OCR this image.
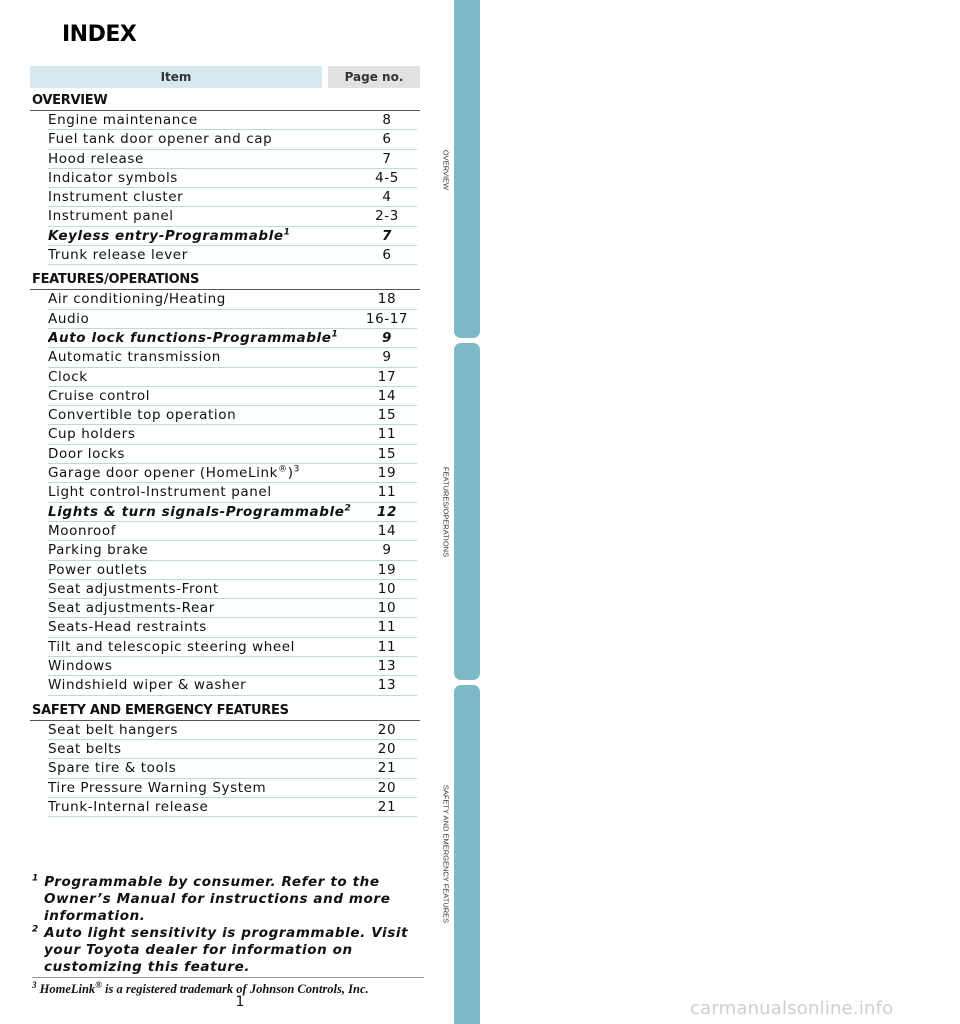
INDEX
Item	Page no.
OVERVIEW
Engine maintenance	8
Fuel tank door opener and cap	6
Hood release	7
Indicator symbols	4-5
Instrument cluster	4
Instrument panel	2-3
Keyless entry-Programmable$^1$	7
Trunk release lever	6
FEATURES/OPERATIONS
Air conditioning/Heating	18
Audio	16-17
Auto lock functions-Programmable$^1$	9
Automatic transmission	9
Clock	17
Cruise control	14
Convertible top operation	15
Cup holders	11
Door locks	15
Garage door opener (HomeLink®)$^3$	19
Light control-Instrument panel	11
Lights & turn signals-Programmable$^2$	12
Moonroof	14
Parking brake	9
Power outlets	19
Seat adjustments-Front	10
Seat adjustments-Rear	10
Seats-Head restraints	11
Tilt and telescopic steering wheel	11
Windows	13
Windshield wiper & washer	13
SAFETY AND EMERGENCY FEATURES
Seat belt hangers	20
Seat belts	20
Spare tire & tools	21
Tire Pressure Warning System	20
Trunk-Internal release	21
$^1$ Programmable by consumer. Refer to the Owner’s Manual for instructions and more information.
$^2$ Auto light sensitivity is programmable. Visit your Toyota dealer for information on customizing this feature.
$^3$ HomeLink® is a registered trademark of Johnson Controls, Inc.
1
OVERVIEW
FEATURES/OPERATIONS
SAFETY AND EMERGENCY FEATURES
carmanualsonline.info
